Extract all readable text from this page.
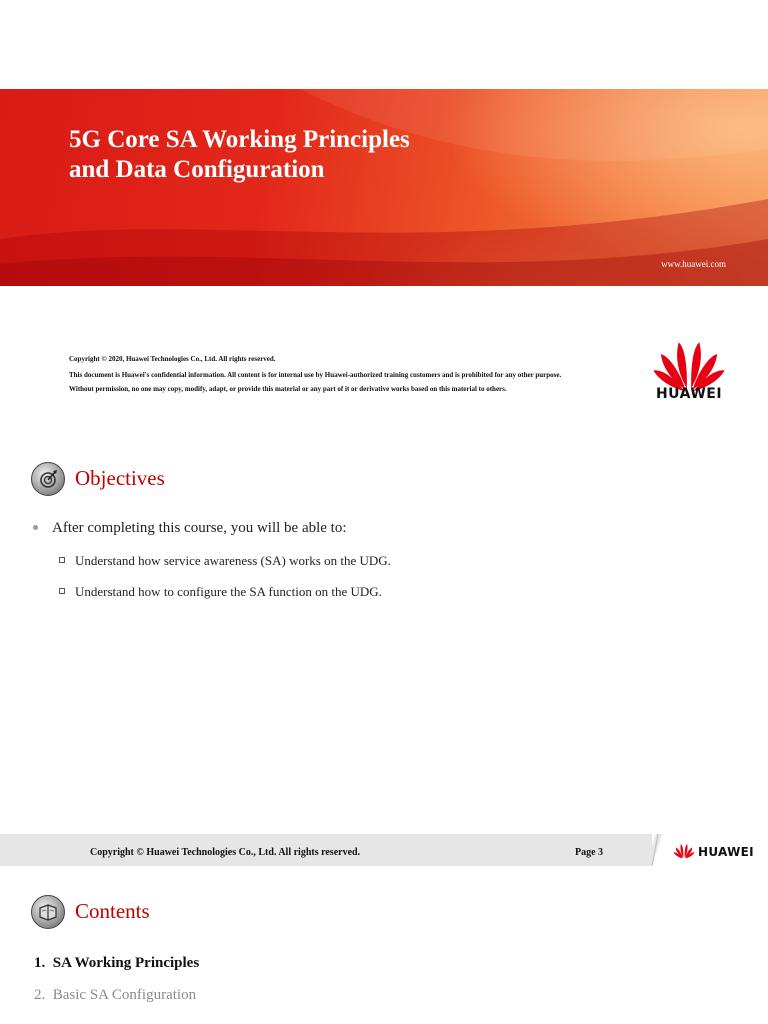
5G Core SA Working Principles
and Data Configuration
www.huawei.com
Copyright © 2020, Huawei Technologies Co., Ltd. All rights reserved.
This document is Huawei's confidential information. All content is for internal use by Huawei-authorized training customers and is prohibited for any other purpose.
Without permission, no one may copy, modify, adapt, or provide this material or any part of it or derivative works based on this material to others.	HUAWEI
Objectives
After completing this course, you will be able to:
Understand how service awareness (SA) works on the UDG.
Understand how to configure the SA function on the UDG.
Copyright © Huawei Technologies Co., Ltd. All rights reserved.	Page 3	HUAWEI
Contents
1. SA Working Principles
2. Basic SA Configuration
